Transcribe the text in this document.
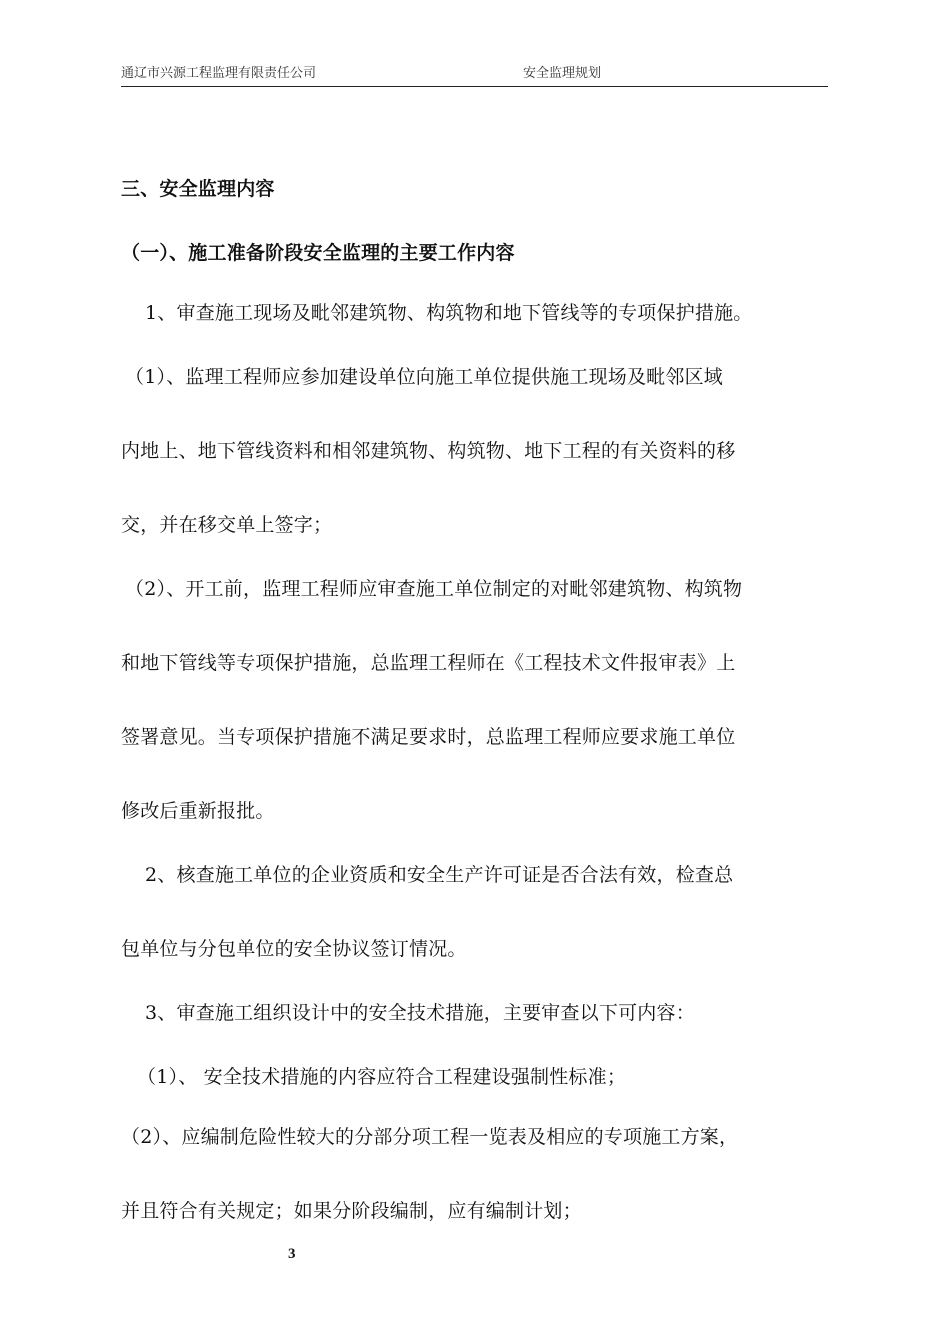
通辽市兴源工程监理有限责任公司	安全监理规划
三、安全监理内容
（一）、施工准备阶段安全监理的主要工作内容
1、审查施工现场及毗邻建筑物、构筑物和地下管线等的专项保护措施。
（1）、监理工程师应参加建设单位向施工单位提供施工现场及毗邻区域
内地上、地下管线资料和相邻建筑物、构筑物、地下工程的有关资料的移
交，并在移交单上签字；
（2）、开工前，监理工程师应审查施工单位制定的对毗邻建筑物、构筑物
和地下管线等专项保护措施，总监理工程师在《工程技术文件报审表》上
签署意见。当专项保护措施不满足要求时，总监理工程师应要求施工单位
修改后重新报批。
2、核查施工单位的企业资质和安全生产许可证是否合法有效，检查总
包单位与分包单位的安全协议签订情况。
3、审查施工组织设计中的安全技术措施，主要审查以下可内容：
（1）、 安全技术措施的内容应符合工程建设强制性标准；
（2）、应编制危险性较大的分部分项工程一览表及相应的专项施工方案，
并且符合有关规定；如果分阶段编制，应有编制计划；
3
